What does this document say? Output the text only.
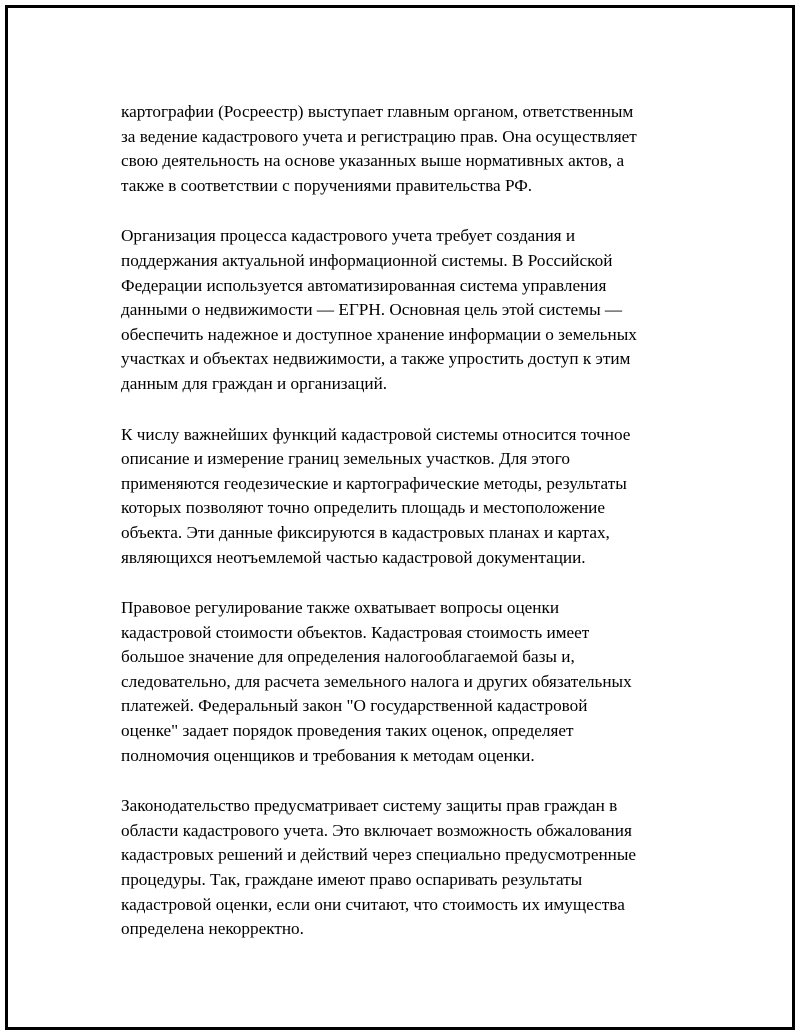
картографии (Росреестр) выступает главным органом, ответственным
за ведение кадастрового учета и регистрацию прав. Она осуществляет
свою деятельность на основе указанных выше нормативных актов, а
также в соответствии с поручениями правительства РФ.

Организация процесса кадастрового учета требует создания и
поддержания актуальной информационной системы. В Российской
Федерации используется автоматизированная система управления
данными о недвижимости — ЕГРН. Основная цель этой системы —
обеспечить надежное и доступное хранение информации о земельных
участках и объектах недвижимости, а также упростить доступ к этим
данным для граждан и организаций.

К числу важнейших функций кадастровой системы относится точное
описание и измерение границ земельных участков. Для этого
применяются геодезические и картографические методы, результаты
которых позволяют точно определить площадь и местоположение
объекта. Эти данные фиксируются в кадастровых планах и картах,
являющихся неотъемлемой частью кадастровой документации.

Правовое регулирование также охватывает вопросы оценки
кадастровой стоимости объектов. Кадастровая стоимость имеет
большое значение для определения налогооблагаемой базы и,
следовательно, для расчета земельного налога и других обязательных
платежей. Федеральный закон "О государственной кадастровой
оценке" задает порядок проведения таких оценок, определяет
полномочия оценщиков и требования к методам оценки.

Законодательство предусматривает систему защиты прав граждан в
области кадастрового учета. Это включает возможность обжалования
кадастровых решений и действий через специально предусмотренные
процедуры. Так, граждане имеют право оспаривать результаты
кадастровой оценки, если они считают, что стоимость их имущества
определена некорректно.
